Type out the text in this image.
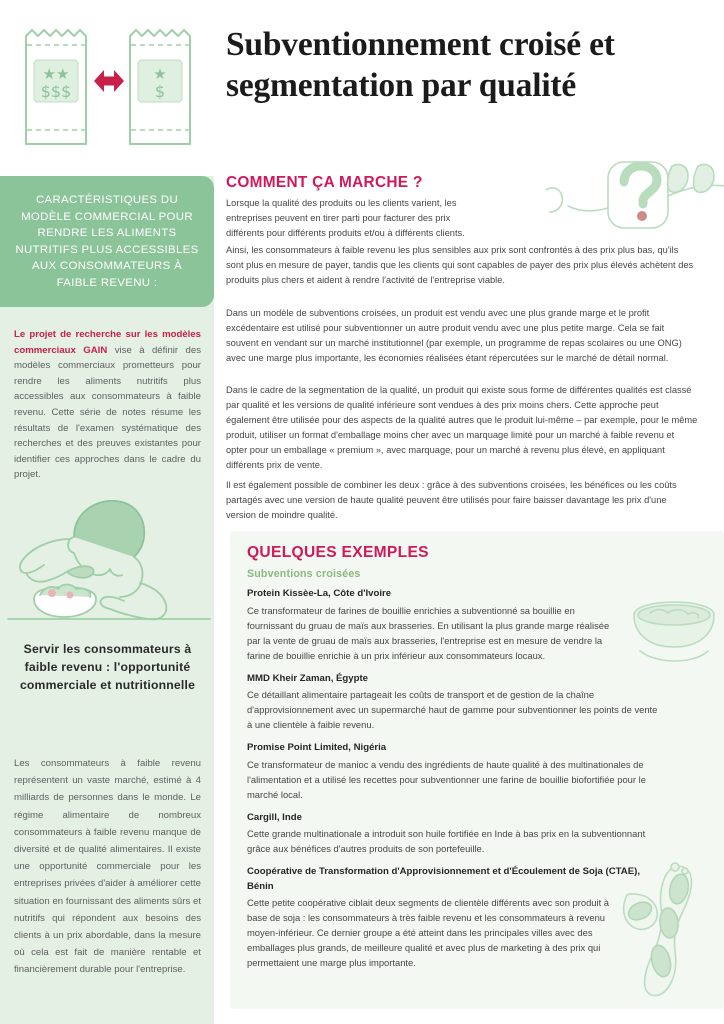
★★
$$$
★
$
CARACTÉRISTIQUES DU MODÈLE COMMERCIAL POUR RENDRE LES ALIMENTS NUTRITIFS PLUS ACCESSIBLES AUX CONSOMMATEURS À FAIBLE REVENU :

Le projet de recherche sur les modèles commerciaux GAIN vise à définir des modèles commerciaux prometteurs pour rendre les aliments nutritifs plus accessibles aux consommateurs à faible revenu. Cette série de notes résume les résultats de l'examen systématique des recherches et des preuves existantes pour identifier ces approches dans le cadre du projet.

Servir les consommateurs à faible revenu : l'opportunité commerciale et nutritionnelle

Les consommateurs à faible revenu représentent un vaste marché, estimé à 4 milliards de personnes dans le monde. Le régime alimentaire de nombreux consommateurs à faible revenu manque de diversité et de qualité alimentaires. Il existe une opportunité commerciale pour les entreprises privées d'aider à améliorer cette situation en fournissant des aliments sûrs et nutritifs qui répondent aux besoins des clients à un prix abordable, dans la mesure où cela est fait de manière rentable et financièrement durable pour l'entreprise.

Subventionnement croisé et segmentation par qualité
COMMENT ÇA MARCHE ?

Lorsque la qualité des produits ou les clients varient, les entreprises peuvent en tirer parti pour facturer des prix différents pour différents produits et/ou à différents clients.

Ainsi, les consommateurs à faible revenu les plus sensibles aux prix sont confrontés à des prix plus bas, qu'ils sont plus en mesure de payer, tandis que les clients qui sont capables de payer des prix plus élevés achètent des produits plus chers et aident à rendre l'activité de l'entreprise viable.

Dans un modèle de subventions croisées, un produit est vendu avec une plus grande marge et le profit excédentaire est utilisé pour subventionner un autre produit vendu avec une plus petite marge. Cela se fait souvent en vendant sur un marché institutionnel (par exemple, un programme de repas scolaires ou une ONG) avec une marge plus importante, les économies réalisées étant répercutées sur le marché de détail normal.

Dans le cadre de la segmentation de la qualité, un produit qui existe sous forme de différentes qualités est classé par qualité et les versions de qualité inférieure sont vendues à des prix moins chers. Cette approche peut également être utilisée pour des aspects de la qualité autres que le produit lui-même – par exemple, pour le même produit, utiliser un format d'emballage moins cher avec un marquage limité pour un marché à faible revenu et opter pour un emballage « premium », avec marquage, pour un marché à revenu plus élevé, en appliquant différents prix de vente.

Il est également possible de combiner les deux : grâce à des subventions croisées, les bénéfices ou les coûts partagés avec une version de haute qualité peuvent être utilisés pour faire baisser davantage les prix d'une version de moindre qualité.

QUELQUES EXEMPLES
Subventions croisées
Protein Kissèe-La, Côte d'Ivoire
Ce transformateur de farines de bouillie enrichies a subventionné sa bouillie en fournissant du gruau de maïs aux brasseries. En utilisant la plus grande marge réalisée par la vente de gruau de maïs aux brasseries, l'entreprise est en mesure de vendre la farine de bouillie enrichie à un prix inférieur aux consommateurs locaux.
MMD Kheir Zaman, Égypte
Ce détaillant alimentaire partageait les coûts de transport et de gestion de la chaîne d'approvisionnement avec un supermarché haut de gamme pour subventionner les points de vente à une clientèle à faible revenu.
Promise Point Limited, Nigéria
Ce transformateur de manioc a vendu des ingrédients de haute qualité à des multinationales de l'alimentation et a utilisé les recettes pour subventionner une farine de bouillie biofortifiée pour le marché local.
Cargill, Inde
Cette grande multinationale a introduit son huile fortifiée en Inde à bas prix en la subventionnant grâce aux bénéfices d'autres produits de son portefeuille.
Coopérative de Transformation d'Approvisionnement et d'Écoulement de Soja (CTAE), Bénin
Cette petite coopérative ciblait deux segments de clientèle différents avec son produit à base de soja : les consommateurs à très faible revenu et les consommateurs à revenu moyen-inférieur. Ce dernier groupe a été atteint dans les principales villes avec des emballages plus grands, de meilleure qualité et avec plus de marketing à des prix qui permettaient une marge plus importante.
